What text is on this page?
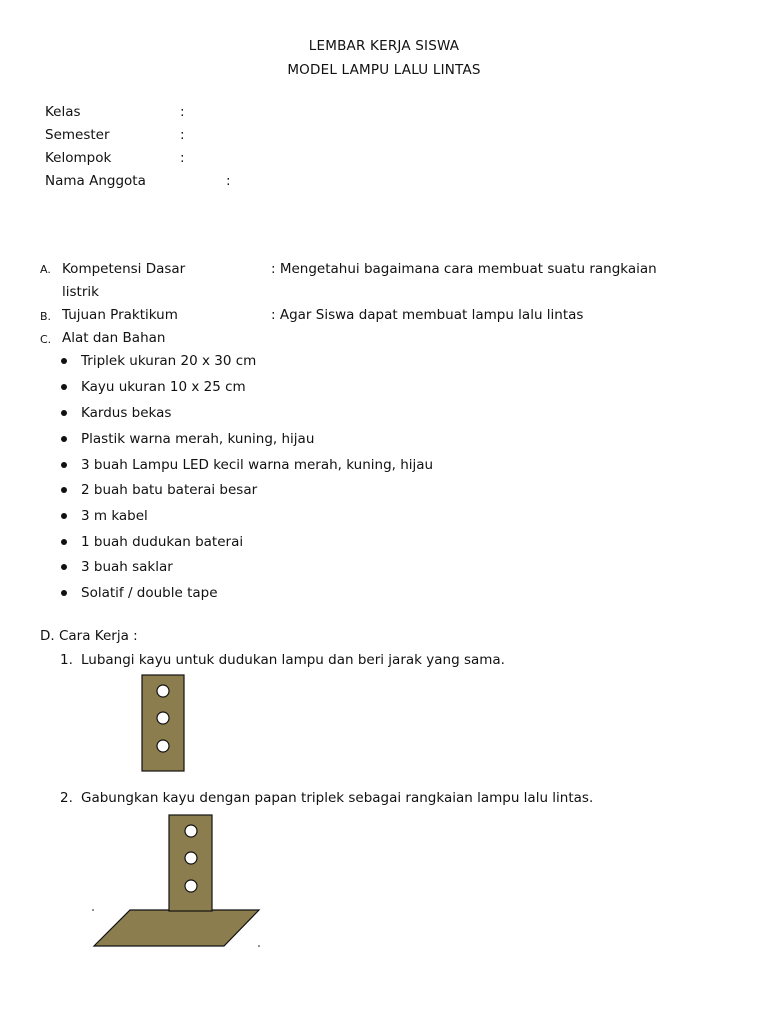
LEMBAR KERJA SISWA
MODEL LAMPU LALU LINTAS
Kelas	:
Semester	:
Kelompok	:
Nama Anggota	:
A. Kompetensi Dasar	: Mengetahui bagaimana cara membuat suatu rangkaian
listrik
B. Tujuan Praktikum	: Agar Siswa dapat membuat lampu lalu lintas
C. Alat dan Bahan
Triplek ukuran 20 x 30 cm
Kayu ukuran 10 x 25 cm
Kardus bekas
Plastik warna merah, kuning, hijau
3 buah Lampu LED kecil warna merah, kuning, hijau
2 buah batu baterai besar
3 m kabel
1 buah dudukan baterai
3 buah saklar
Solatif / double tape
D. Cara Kerja :
1. Lubangi kayu untuk dudukan lampu dan beri jarak yang sama.
2. Gabungkan kayu dengan papan triplek sebagai rangkaian lampu lalu lintas.
